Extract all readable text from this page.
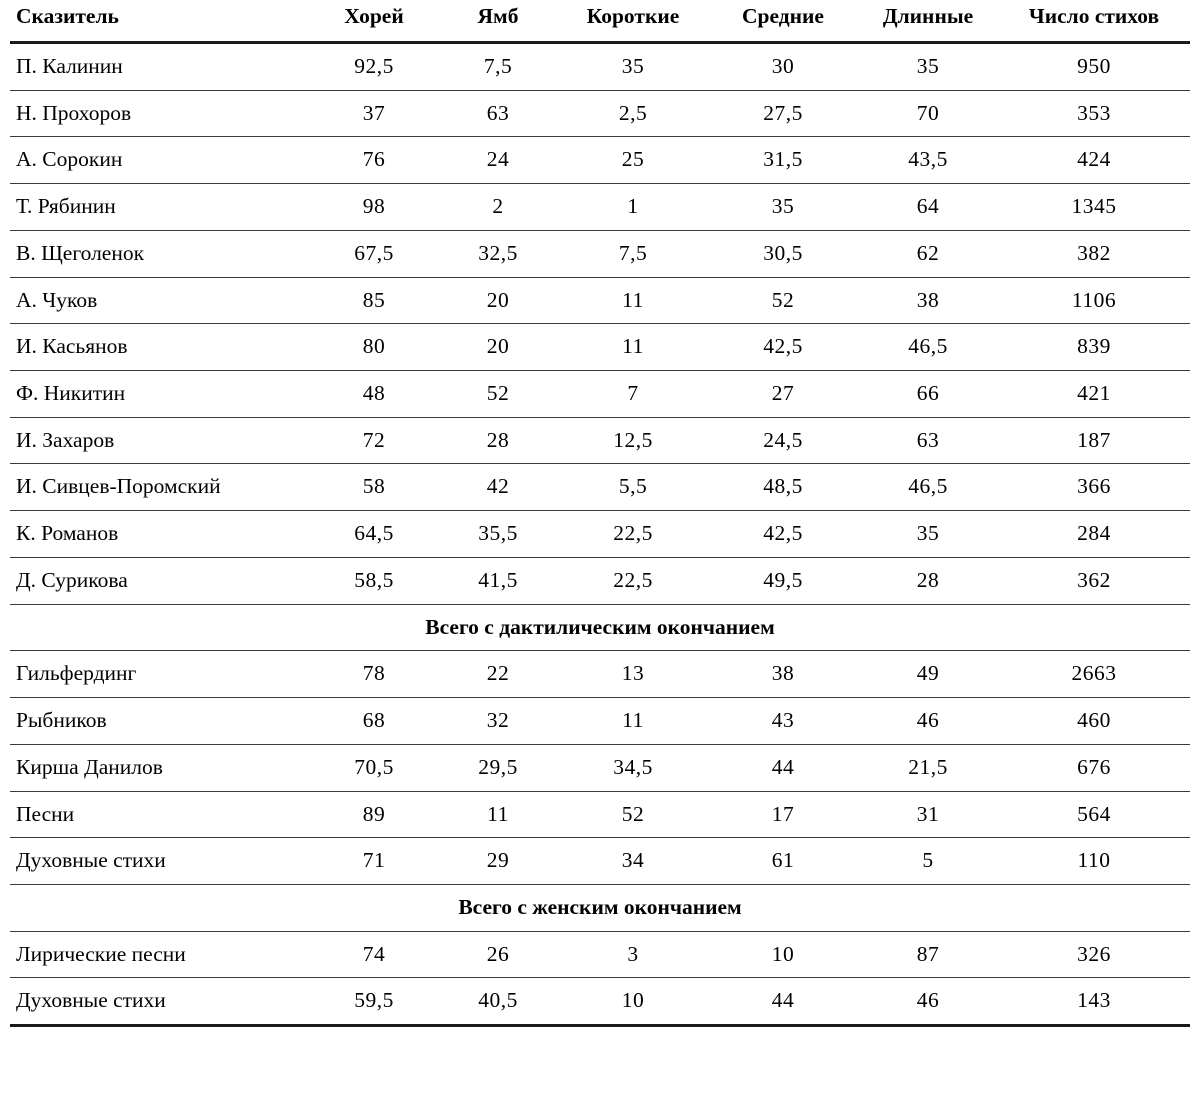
Сказитель	Хорей	Ямб	Короткие	Средние	Длинные	Число стихов
П. Калинин	92,5	7,5	35	30	35	950
Н. Прохоров	37	63	2,5	27,5	70	353
А. Сорокин	76	24	25	31,5	43,5	424
Т. Рябинин	98	2	1	35	64	1345
В. Щеголенок	67,5	32,5	7,5	30,5	62	382
А. Чуков	85	20	11	52	38	1106
И. Касьянов	80	20	11	42,5	46,5	839
Ф. Никитин	48	52	7	27	66	421
И. Захаров	72	28	12,5	24,5	63	187
И. Сивцев-Поромский	58	42	5,5	48,5	46,5	366
К. Романов	64,5	35,5	22,5	42,5	35	284
Д. Сурикова	58,5	41,5	22,5	49,5	28	362
Всего с дактилическим окончанием						
Гильфердинг	78	22	13	38	49	2663
Рыбников	68	32	11	43	46	460
Кирша Данилов	70,5	29,5	34,5	44	21,5	676
Песни	89	11	52	17	31	564
Духовные стихи	71	29	34	61	5	110
Всего с женским окончанием						
Лирические песни	74	26	3	10	87	326
Духовные стихи	59,5	40,5	10	44	46	143
